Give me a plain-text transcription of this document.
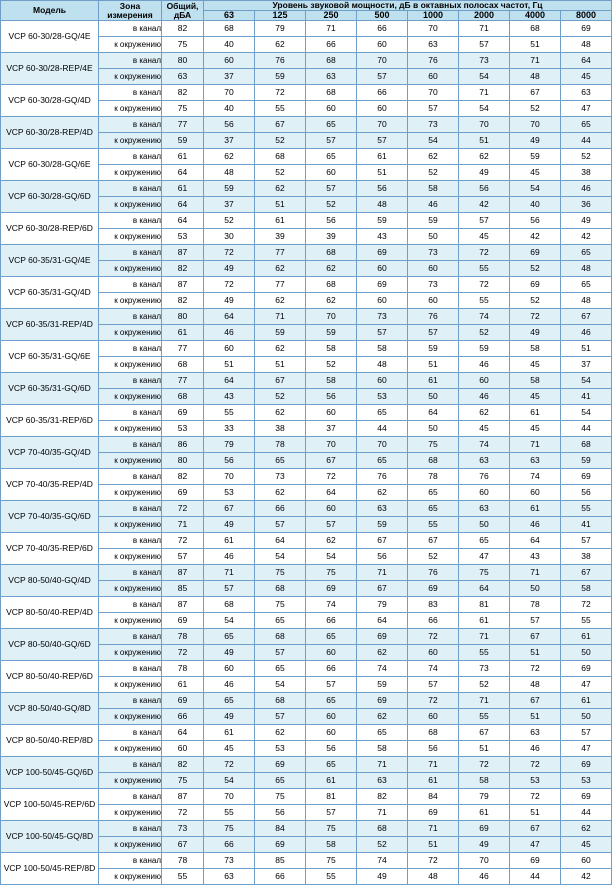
Модель	Зона измерения	Общий, дБА	Уровень звуковой мощности, дБ в октавных полосах частот, Гц							
			63	125	250	500	1000	2000	4000	8000
VCP 60-30/28-GQ/4E	в канал	82	68	79	71	66	70	71	68	69
	к окружению	75	40	62	66	60	63	57	51	48
VCP 60-30/28-REP/4E	в канал	80	60	76	68	70	76	73	71	64
	к окружению	63	37	59	63	57	60	54	48	45
VCP 60-30/28-GQ/4D	в канал	82	70	72	68	66	70	71	67	63
	к окружению	75	40	55	60	60	57	54	52	47
VCP 60-30/28-REP/4D	в канал	77	56	67	65	70	73	70	70	65
	к окружению	59	37	52	57	57	54	51	49	44
VCP 60-30/28-GQ/6E	в канал	61	62	68	65	61	62	62	59	52
	к окружению	64	48	52	60	51	52	49	45	38
VCP 60-30/28-GQ/6D	в канал	61	59	62	57	56	58	56	54	46
	к окружению	64	37	51	52	48	46	42	40	36
VCP 60-30/28-REP/6D	в канал	64	52	61	56	59	59	57	56	49
	к окружению	53	30	39	39	43	50	45	42	42
VCP 60-35/31-GQ/4E	в канал	87	72	77	68	69	73	72	69	65
	к окружению	82	49	62	62	60	60	55	52	48
VCP 60-35/31-GQ/4D	в канал	87	72	77	68	69	73	72	69	65
	к окружению	82	49	62	62	60	60	55	52	48
VCP 60-35/31-REP/4D	в канал	80	64	71	70	73	76	74	72	67
	к окружению	61	46	59	59	57	57	52	49	46
VCP 60-35/31-GQ/6E	в канал	77	60	62	58	58	59	59	58	51
	к окружению	68	51	51	52	48	51	46	45	37
VCP 60-35/31-GQ/6D	в канал	77	64	67	58	60	61	60	58	54
	к окружению	68	43	52	56	53	50	46	45	41
VCP 60-35/31-REP/6D	в канал	69	55	62	60	65	64	62	61	54
	к окружению	53	33	38	37	44	50	45	45	44
VCP 70-40/35-GQ/4D	в канал	86	79	78	70	70	75	74	71	68
	к окружению	80	56	65	67	65	68	63	63	59
VCP 70-40/35-REP/4D	в канал	82	70	73	72	76	78	76	74	69
	к окружению	69	53	62	64	62	65	60	60	56
VCP 70-40/35-GQ/6D	в канал	72	67	66	60	63	65	63	61	55
	к окружению	71	49	57	57	59	55	50	46	41
VCP 70-40/35-REP/6D	в канал	72	61	64	62	67	67	65	64	57
	к окружению	57	46	54	54	56	52	47	43	38
VCP 80-50/40-GQ/4D	в канал	87	71	75	75	71	76	75	71	67
	к окружению	85	57	68	69	67	69	64	50	58
VCP 80-50/40-REP/4D	в канал	87	68	75	74	79	83	81	78	72
	к окружению	69	54	65	66	64	66	61	57	55
VCP 80-50/40-GQ/6D	в канал	78	65	68	65	69	72	71	67	61
	к окружению	72	49	57	60	62	60	55	51	50
VCP 80-50/40-REP/6D	в канал	78	60	65	66	74	74	73	72	69
	к окружению	61	46	54	57	59	57	52	48	47
VCP 80-50/40-GQ/8D	в канал	69	65	68	65	69	72	71	67	61
	к окружению	66	49	57	60	62	60	55	51	50
VCP 80-50/40-REP/8D	в канал	64	61	62	60	65	68	67	63	57
	к окружению	60	45	53	56	58	56	51	46	47
VCP 100-50/45-GQ/6D	в канал	82	72	69	65	71	71	72	72	69
	к окружению	75	54	65	61	63	61	58	53	53
VCP 100-50/45-REP/6D	в канал	87	70	75	81	82	84	79	72	69
	к окружению	72	55	56	57	71	69	61	51	44
VCP 100-50/45-GQ/8D	в канал	73	75	84	75	68	71	69	67	62
	к окружению	67	66	69	58	52	51	49	47	45
VCP 100-50/45-REP/8D	в канал	78	73	85	75	74	72	70	69	60
	к окружению	55	63	66	55	49	48	46	44	42
